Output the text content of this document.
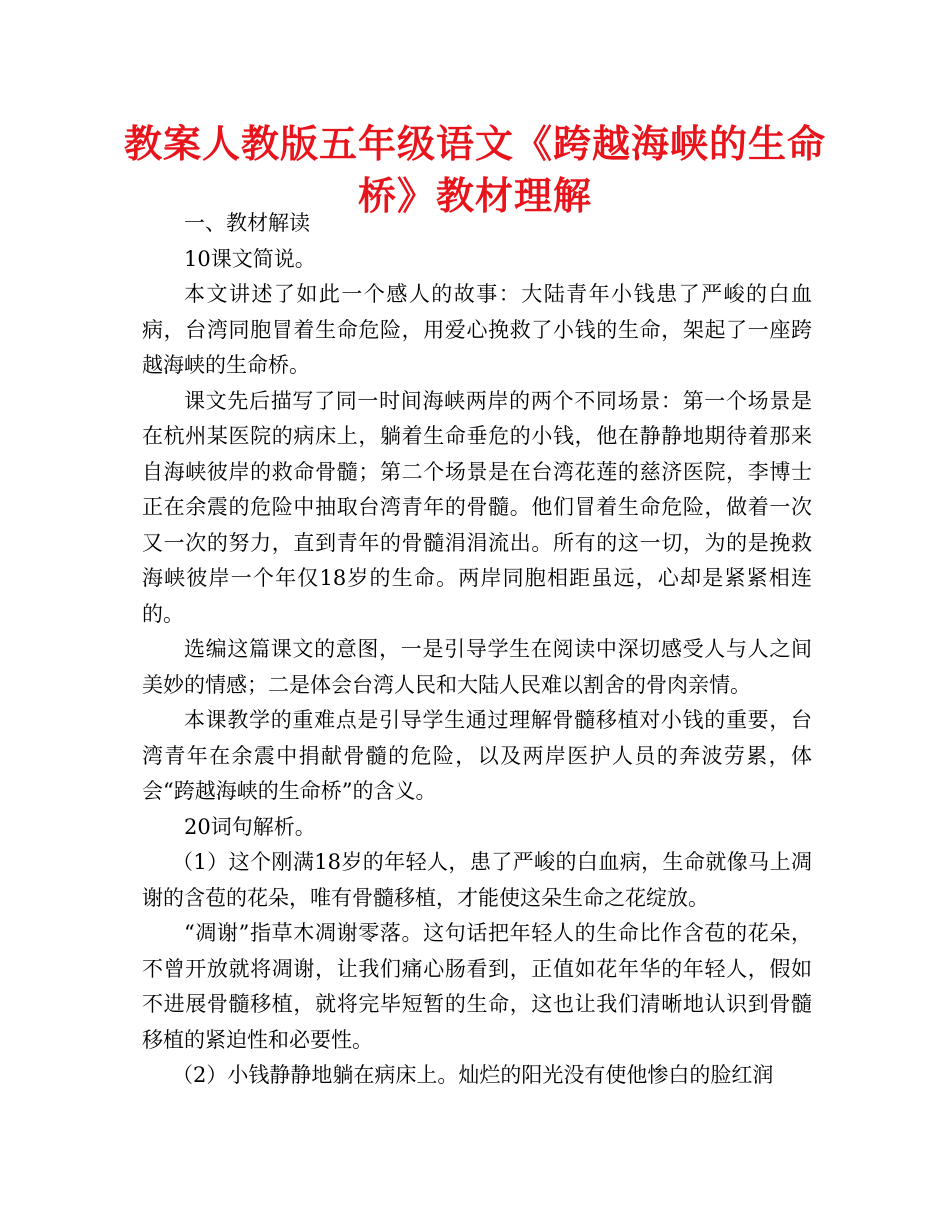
教案人教版五年级语文《跨越海峡的生命桥》教材理解

一、教材解读

10课文简说。

本文讲述了如此一个感人的故事：大陆青年小钱患了严峻的白血病，台湾同胞冒着生命危险，用爱心挽救了小钱的生命，架起了一座跨越海峡的生命桥。

课文先后描写了同一时间海峡两岸的两个不同场景：第一个场景是在杭州某医院的病床上，躺着生命垂危的小钱，他在静静地期待着那来自海峡彼岸的救命骨髓；第二个场景是在台湾花莲的慈济医院，李博士正在余震的危险中抽取台湾青年的骨髓。他们冒着生命危险，做着一次又一次的努力，直到青年的骨髓涓涓流出。所有的这一切，为的是挽救海峡彼岸一个年仅18岁的生命。两岸同胞相距虽远，心却是紧紧相连的。

选编这篇课文的意图，一是引导学生在阅读中深切感受人与人之间美妙的情感；二是体会台湾人民和大陆人民难以割舍的骨肉亲情。

本课教学的重难点是引导学生通过理解骨髓移植对小钱的重要，台湾青年在余震中捐献骨髓的危险，以及两岸医护人员的奔波劳累，体会“跨越海峡的生命桥”的含义。

20词句解析。

（1）这个刚满18岁的年轻人，患了严峻的白血病，生命就像马上凋谢的含苞的花朵，唯有骨髓移植，才能使这朵生命之花绽放。

“凋谢”指草木凋谢零落。这句话把年轻人的生命比作含苞的花朵，不曾开放就将凋谢，让我们痛心肠看到，正值如花年华的年轻人，假如不进展骨髓移植，就将完毕短暂的生命，这也让我们清晰地认识到骨髓移植的紧迫性和必要性。

（2）小钱静静地躺在病床上。灿烂的阳光没有使他惨白的脸红润
